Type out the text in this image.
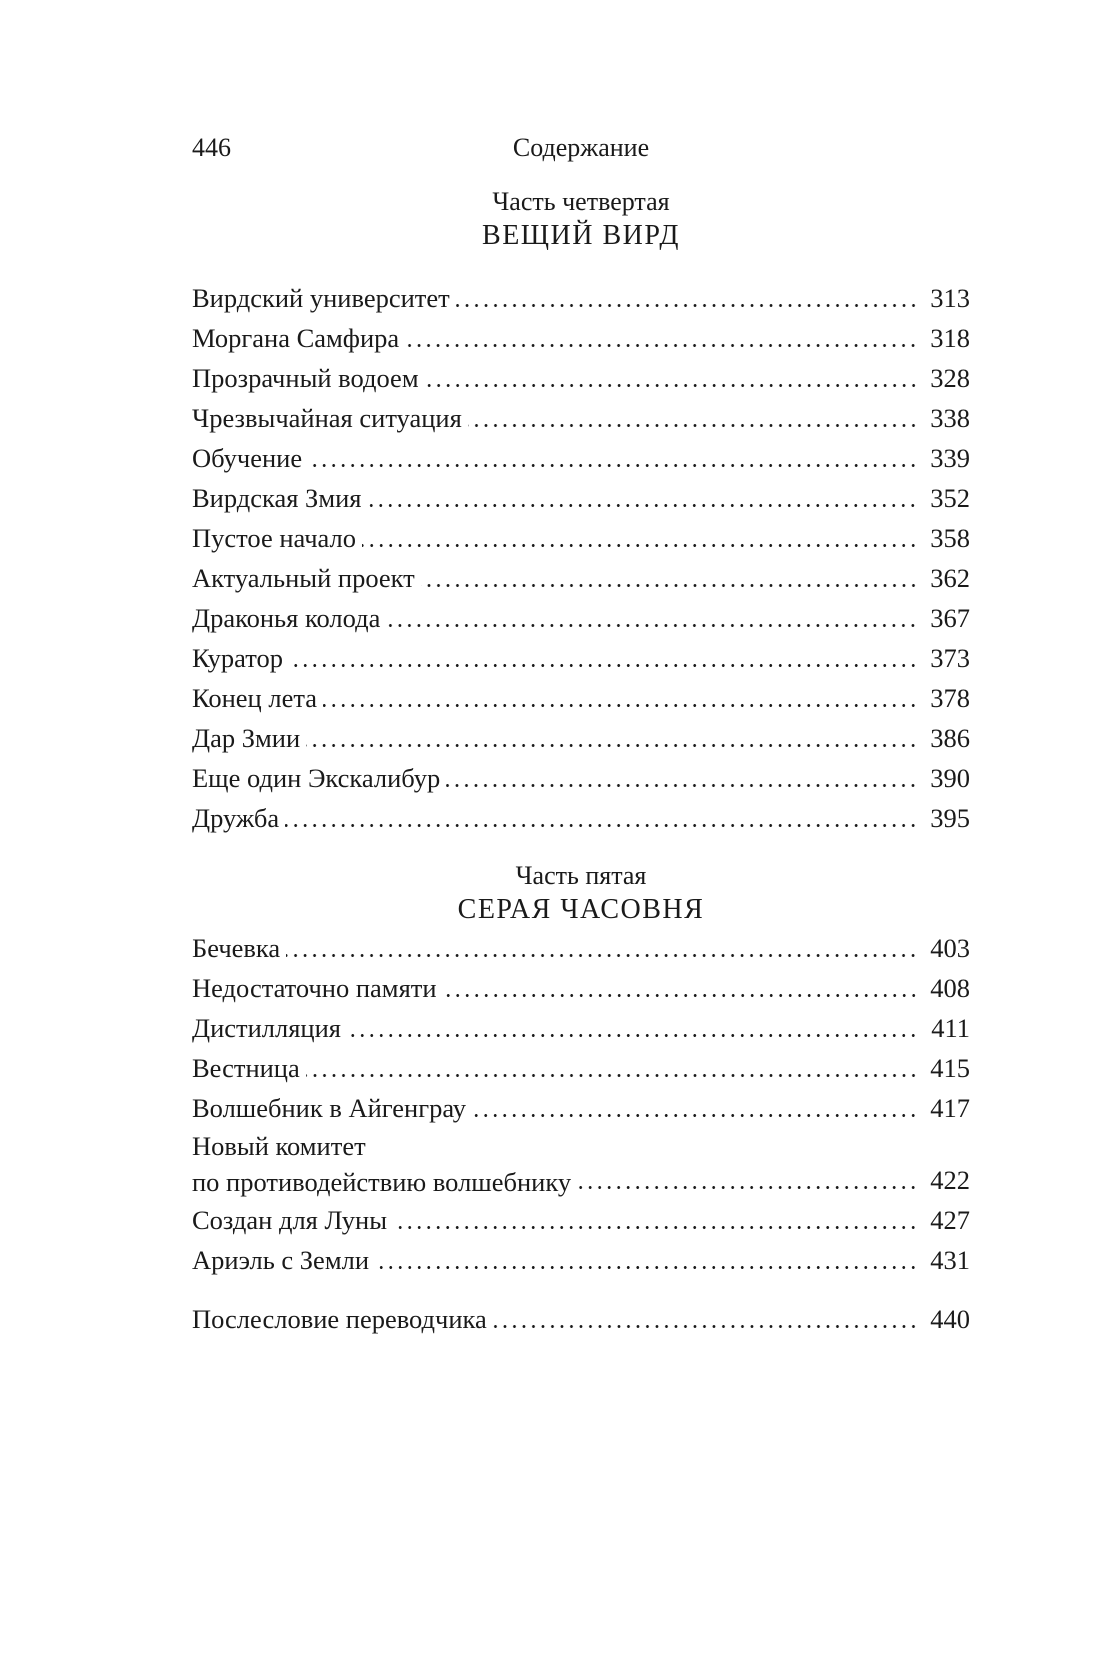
446	Содержание
Часть четвертая
ВЕЩИЙ ВИРД
Вирдский университет	313
Моргана Самфира	318
Прозрачный водоем	328
Чрезвычайная ситуация	338
Обучение	339
Вирдская Змия	352
Пустое начало	358
Актуальный проект	362
Драконья колода	367
Куратор	373
Конец лета	378
Дар Змии	386
Еще один Экскалибур	390
Дружба	395
Часть пятая
СЕРАЯ ЧАСОВНЯ
Бечевка	403
Недостаточно памяти	408
Дистилляция	411
Вестница	415
Волшебник в Айгенграу	417
Новый комитет
по противодействию волшебнику	422
Создан для Луны	427
Ариэль с Земли	431
Послесловие переводчика	440
